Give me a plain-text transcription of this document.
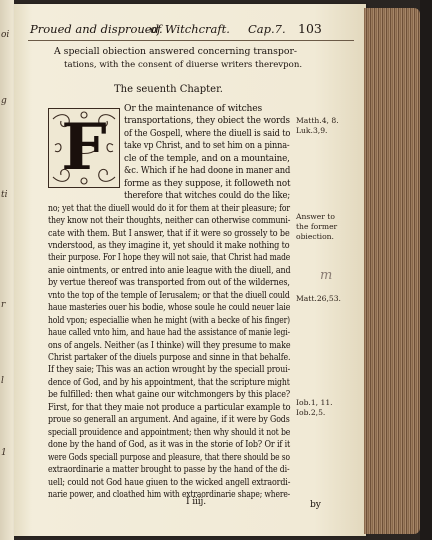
oi
g
ti
r
l
1
Proued and disproued.
of Witchcraft. Cap.7. 103
A speciall obiection answered concerning transpor-
tations, with the consent of diuerse writers therevpon.
The seuenth Chapter.
F
Or the maintenance of witches
transportations, they obiect the words
of the Gospell, where the diuell is said to
take vp Christ, and to set him on a pinna-
cle of the temple, and on a mountaine,
&c. Which if he had doone in maner and
forme as they suppose, it followeth not
therefore that witches could do the like;
no; yet that the diuell would do it for them at their pleasure; for
they know not their thoughts, neither can otherwise communi-
cate with them. But I answer, that if it were so grossely to be
vnderstood, as they imagine it, yet should it make nothing to
their purpose. For I hope they will not saie, that Christ had made
anie ointments, or entred into anie league with the diuell, and
by vertue thereof was transported from out of the wildernes,
vnto the top of the temple of Ierusalem; or that the diuell could
haue masteries ouer his bodie, whose soule he could neuer laie
hold vpon; especiallie when he might (with a becke of his finger)
haue called vnto him, and haue had the assistance of manie legi-
ons of angels. Neither (as I thinke) will they presume to make
Christ partaker of the diuels purpose and sinne in that behalfe.
If they saie; This was an action wrought by the speciall proui-
dence of God, and by his appointment, that the scripture might
be fulfilled: then what gaine our witchmongers by this place?
First, for that they maie not produce a particular example to
proue so generall an argument. And againe, if it were by Gods
speciall prouidence and appointment; then why should it not be
done by the hand of God, as it was in the storie of Iob? Or if it
were Gods speciall purpose and pleasure, that there should be so
extraordinarie a matter brought to passe by the hand of the di-
uell; could not God haue giuen to the wicked angell extraordi-
narie power, and cloathed him with extraordinarie shape; where-
I iiij.	by
Matth.4, 8.
Luk.3,9.
Answer to
the former
obiection.
Matt.26,53.
Iob.1, 11.
Iob.2,5.
m
